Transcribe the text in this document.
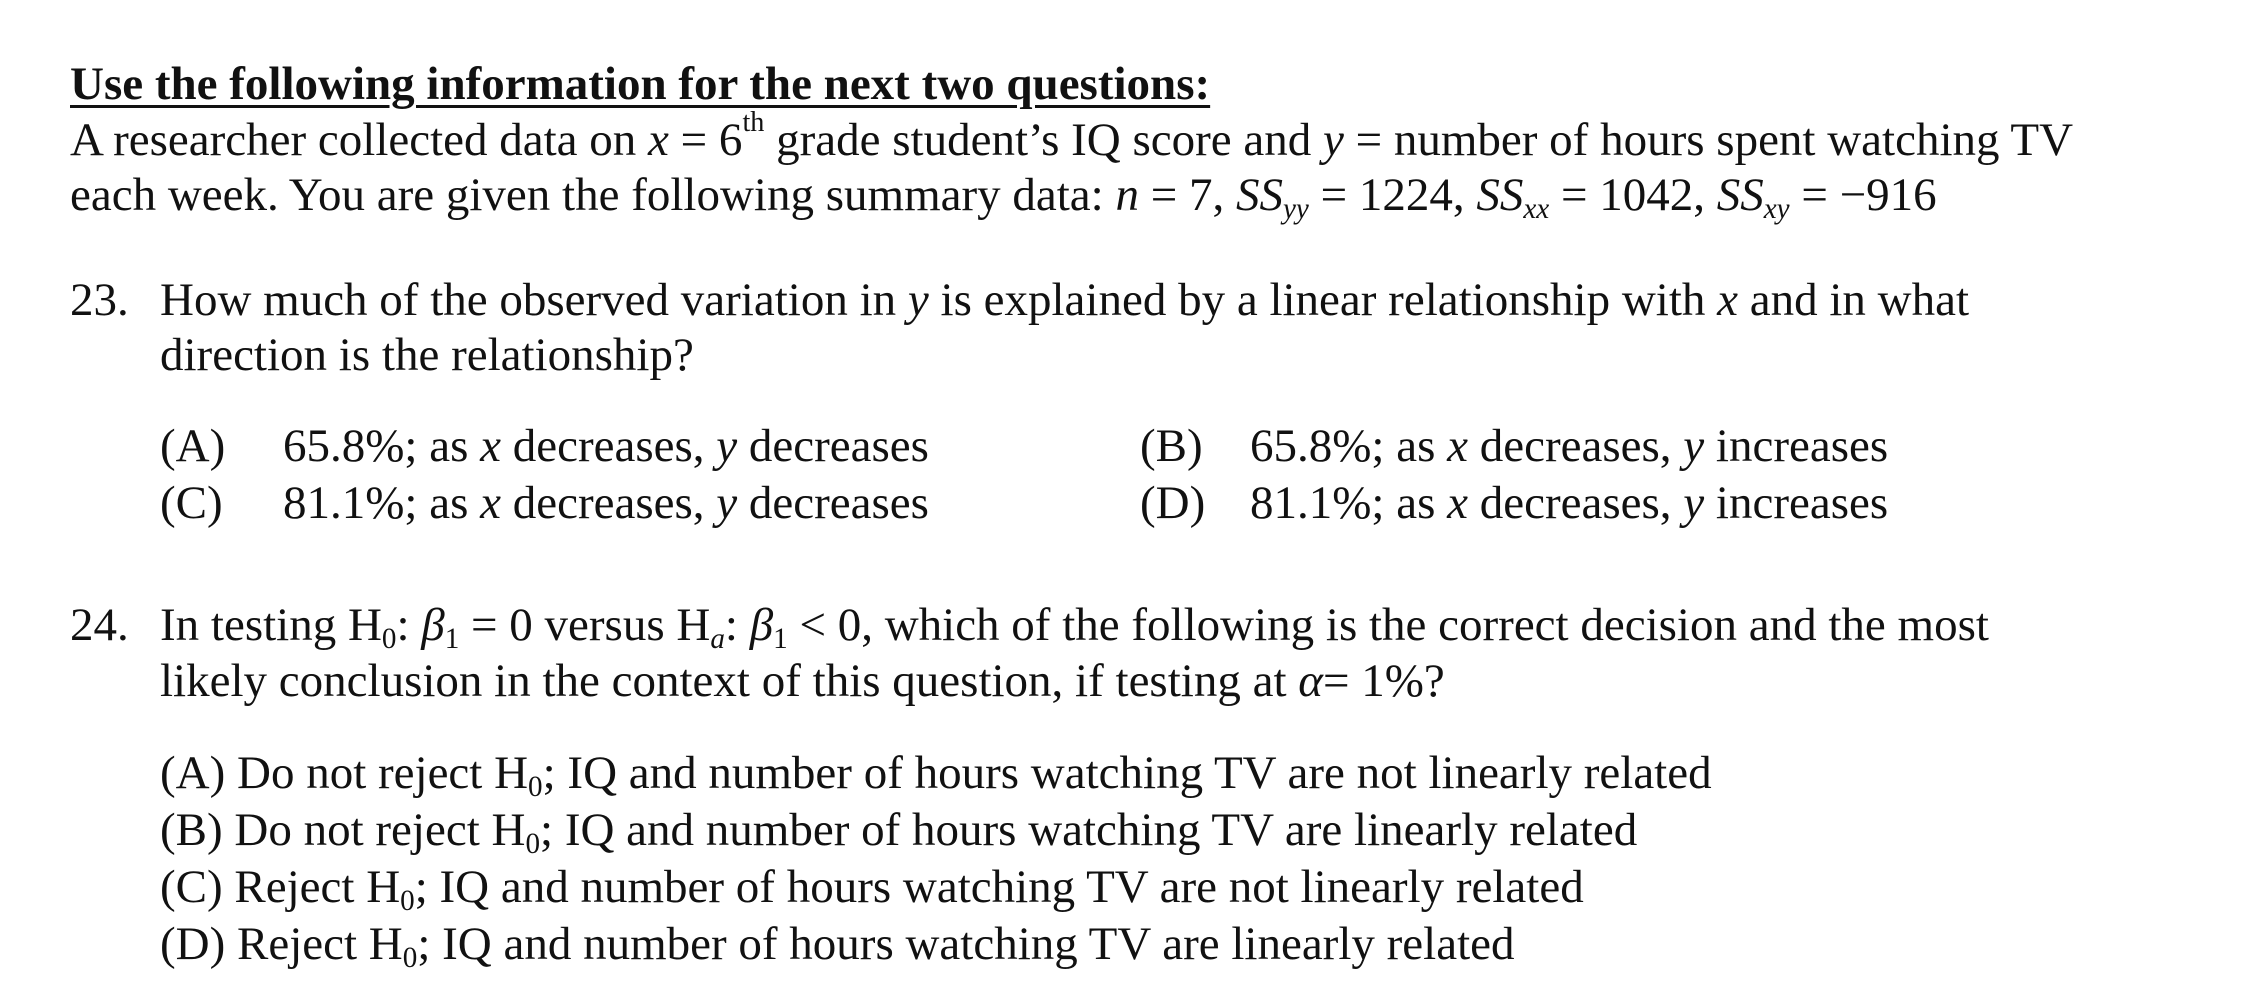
Use the following information for the next two questions:
A researcher collected data on x = 6th grade student’s IQ score and y = number of hours spent watching TV
each week. You are given the following summary data: n = 7, $SS_{yy} = 1224$, $SS_{xx} = 1042$, $SS_{xy} = -916$
23. How much of the observed variation in y is explained by a linear relationship with x and in what
direction is the relationship?
(A) 65.8%; as x decreases, y decreases	(B) 65.8%; as x decreases, y increases
(C) 81.1%; as x decreases, y decreases	(D) 81.1%; as x decreases, y increases
24. In testing $H_0$: $\beta_1 = 0$ versus $H_a$: $\beta_1 < 0$, which of the following is the correct decision and the most
likely conclusion in the context of this question, if testing at α= 1%?
(A) Do not reject $H_0$; IQ and number of hours watching TV are not linearly related
(B) Do not reject $H_0$; IQ and number of hours watching TV are linearly related
(C) Reject $H_0$; IQ and number of hours watching TV are not linearly related
(D) Reject $H_0$; IQ and number of hours watching TV are linearly related
